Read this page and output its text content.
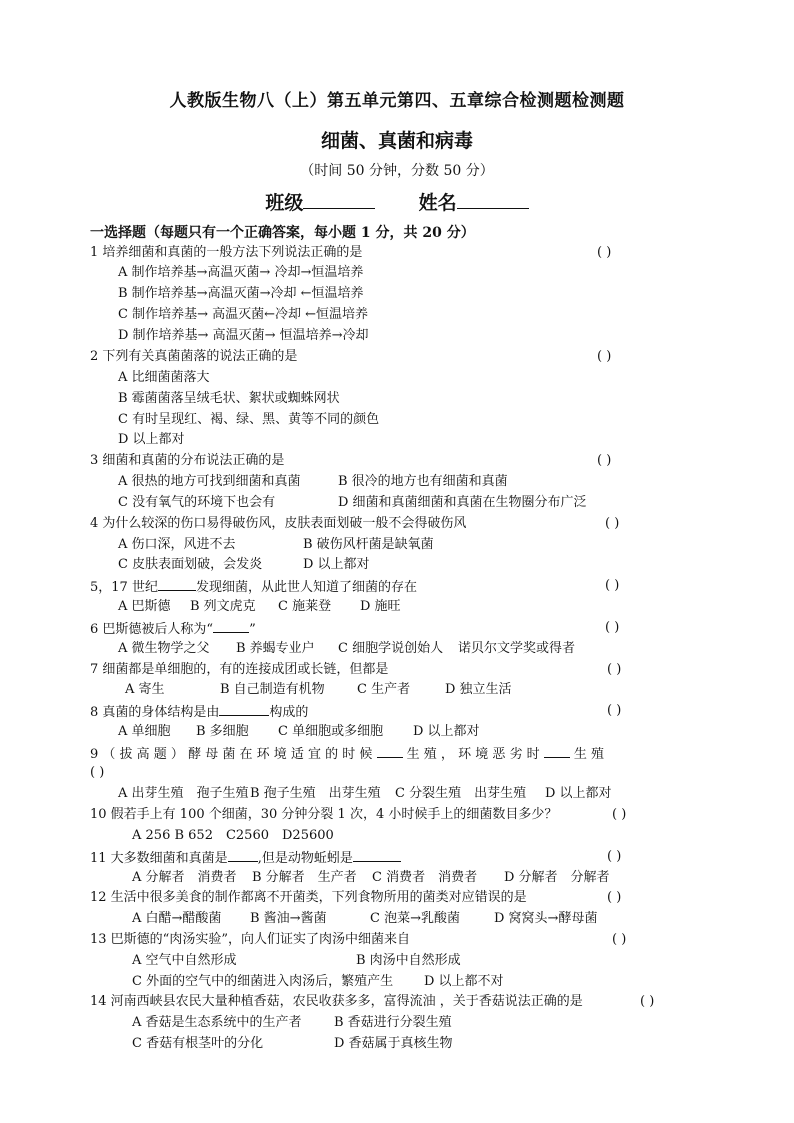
人教版生物八（上）第五单元第四、五章综合检测题检测题
细菌、真菌和病毒
（时间 50 分钟，分数 50 分）
班级	姓名
一选择题（每题只有一个正确答案，每小题 1 分，共 20 分）
1 培养细菌和真菌的一般方法下列说法正确的是	( )
A 制作培养基→高温灭菌→ 冷却→恒温培养
B 制作培养基→高温灭菌→冷却 ←恒温培养
C 制作培养基→ 高温灭菌←冷却 ←恒温培养
D 制作培养基→ 高温灭菌→ 恒温培养→冷却
2 下列有关真菌菌落的说法正确的是	( )
A 比细菌菌落大
B 霉菌菌落呈绒毛状、絮状或蜘蛛网状
C 有时呈现红、褐、绿、黑、黄等不同的颜色
D 以上都对
3 细菌和真菌的分布说法正确的是	( )
A 很热的地方可找到细菌和真菌	B 很冷的地方也有细菌和真菌
C 没有氧气的环境下也会有	D 细菌和真菌细菌和真菌在生物圈分布广泛
4 为什么较深的伤口易得破伤风，皮肤表面划破一般不会得破伤风	( )
A 伤口深，风进不去	B 破伤风杆菌是缺氧菌
C 皮肤表面划破，会发炎	D 以上都对
5，17 世纪	发现细菌，从此世人知道了细菌的存在	( )
A 巴斯德 B 列文虎克 C 施莱登 D 施旺
6 巴斯德被后人称为“	”	( )
A 微生物学之父 B 养蝎专业户 C 细胞学说创始人 诺贝尔文学奖或得者
7 细菌都是单细胞的，有的连接成团或长链，但都是	( )
A 寄生	B 自己制造有机物 C 生产者	D 独立生活
8 真菌的身体结构是由	构成的	( )
A 单细胞 B 多细胞 C 单细胞或多细胞 D 以上都对
9 （ 拔 高 题 ） 酵 母 菌 在 环 境 适 宜 的 时 候	生 殖 ， 环 境 恶 劣 时	生 殖
( )
A 出芽生殖　孢子生殖 B 孢子生殖　出芽生殖 C 分裂生殖　出芽生殖 D 以上都对
10 假若手上有 100 个细菌，30 分钟分裂 1 次，4 小时候手上的细菌数目多少？	( )
A 256 B 652　C2560　D25600
11 大多数细菌和真菌是 ,但是动物蚯蚓是	( )
A 分解者　消费者 B 分解者　生产者 C 消费者　消费者 D 分解者　分解者
12 生活中很多美食的制作都离不开菌类，下列食物所用的菌类对应错误的是	( )
A 白醋→醋酸菌 B 酱油→酱菌	C 泡菜→乳酸菌	D 窝窝头→酵母菌
13 巴斯德的“肉汤实验”，向人们证实了肉汤中细菌来自	( )
A 空气中自然形成	B 肉汤中自然形成
C 外面的空气中的细菌进入肉汤后，繁殖产生 D 以上都不对
14 河南西峡县农民大量种植香菇，农民收获多多，富得流油 ，关于香菇说法正确的是	( )
A 香菇是生态系统中的生产者 B 香菇进行分裂生殖
C 香菇有根茎叶的分化	D 香菇属于真核生物
